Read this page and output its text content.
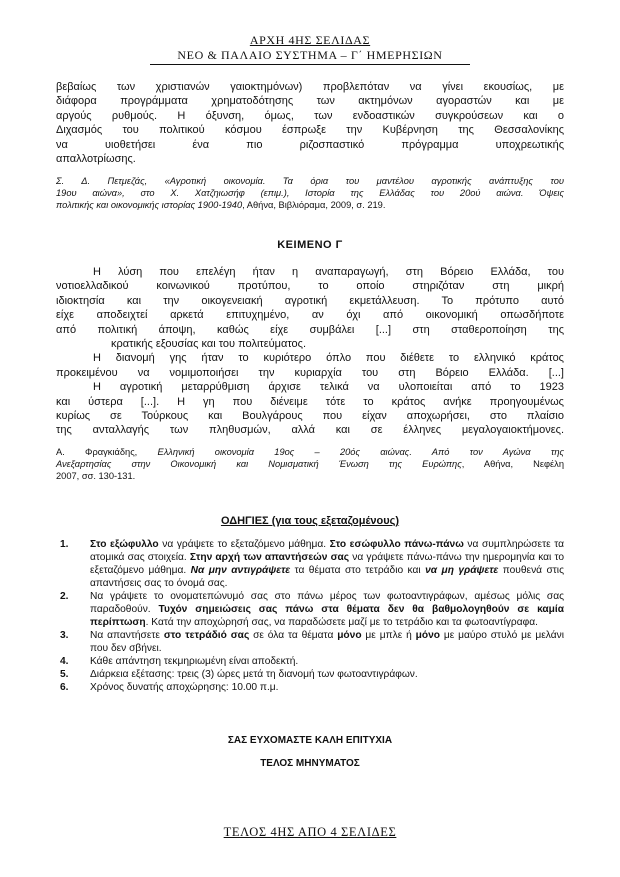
ΑΡΧΗ 4ΗΣ ΣΕΛΙΔΑΣ
ΝΕΟ & ΠΑΛΑΙΟ ΣΥΣΤΗΜΑ – Γ΄ ΗΜΕΡΗΣΙΩΝ
βεβαίως των χριστιανών γαιοκτημόνων) προβλεπόταν να γίνει εκουσίως, με
διάφορα προγράμματα χρηματοδότησης των ακτημόνων αγοραστών και με
αργούς ρυθμούς. Η όξυνση, όμως, των ενδοαστικών συγκρούσεων και ο
Διχασμός του πολιτικού κόσμου έσπρωξε την Κυβέρνηση της Θεσσαλονίκης
να υιοθετήσει ένα πιο ριζοσπαστικό πρόγραμμα υποχρεωτικής
απαλλοτρίωσης.
Σ. Δ. Πετμεζάς, «Αγροτική οικονομία. Τα όρια του μαντέλου αγροτικής ανάπτυξης του
19ου αιώνα», στο Χ. Χατζηιωσήφ (επιμ.), Ιστορία της Ελλάδας του 20ού αιώνα. Όψεις
πολιτικής και οικονομικής ιστορίας 1900-1940, Αθήνα, Βιβλιόραμα, 2009, σ. 219.
ΚΕΙΜΕΝΟ Γ
Η λύση που επελέγη ήταν η αναπαραγωγή, στη Βόρειο Ελλάδα, του
νοτιοελλαδικού κοινωνικού προτύπου, το οποίο στηριζόταν στη μικρή
ιδιοκτησία και την οικογενειακή αγροτική εκμετάλλευση. Το πρότυπο αυτό
είχε αποδειχτεί αρκετά επιτυχημένο, αν όχι από οικονομική οπωσδήποτε
από πολιτική άποψη, καθώς είχε συμβάλει [...] στη σταθεροποίηση της
κρατικής εξουσίας και του πολιτεύματος.
Η διανομή γης ήταν το κυριότερο όπλο που διέθετε το ελληνικό κράτος
προκειμένου να νομιμοποιήσει την κυριαρχία του στη Βόρειο Ελλάδα. [...]
Η αγροτική μεταρρύθμιση άρχισε τελικά να υλοποιείται από το 1923
και ύστερα [...]. Η γη που διένειμε τότε το κράτος ανήκε προηγουμένως
κυρίως σε Τούρκους και Βουλγάρους που είχαν αποχωρήσει, στο πλαίσιο
της ανταλλαγής των πληθυσμών, αλλά και σε έλληνες μεγαλογαιοκτήμονες.
Α. Φραγκιάδης, Ελληνική οικονομία 19ος – 20ός αιώνας. Από τον Αγώνα της
Ανεξαρτησίας στην Οικονομική και Νομισματική Ένωση της Ευρώπης, Αθήνα, Νεφέλη
2007, σσ. 130-131.
ΟΔΗΓΙΕΣ (για τους εξεταζομένους)
1. Στο εξώφυλλο να γράψετε το εξεταζόμενο μάθημα. Στο εσώφυλλο πάνω-πάνω να συμπληρώσετε τα ατομικά σας στοιχεία. Στην αρχή των απαντήσεών σας να γράψετε πάνω-πάνω την ημερομηνία και το εξεταζόμενο μάθημα. Να μην αντιγράψετε τα θέματα στο τετράδιο και να μη γράψετε πουθενά στις απαντήσεις σας το όνομά σας.
2. Να γράψετε το ονοματεπώνυμό σας στο πάνω μέρος των φωτοαντιγράφων, αμέσως μόλις σας παραδοθούν. Τυχόν σημειώσεις σας πάνω στα θέματα δεν θα βαθμολογηθούν σε καμία περίπτωση. Κατά την αποχώρησή σας, να παραδώσετε μαζί με το τετράδιο και τα φωτοαντίγραφα.
3. Να απαντήσετε στο τετράδιό σας σε όλα τα θέματα μόνο με μπλε ή μόνο με μαύρο στυλό με μελάνι που δεν σβήνει.
4. Κάθε απάντηση τεκμηριωμένη είναι αποδεκτή.
5. Διάρκεια εξέτασης: τρεις (3) ώρες μετά τη διανομή των φωτοαντιγράφων.
6. Χρόνος δυνατής αποχώρησης: 10.00 π.μ.
ΣΑΣ ΕΥΧΟΜΑΣΤΕ ΚΑΛΗ ΕΠΙΤΥΧΙΑ
ΤΕΛΟΣ ΜΗΝΥΜΑΤΟΣ
ΤΕΛΟΣ 4ΗΣ ΑΠΟ 4 ΣΕΛΙΔΕΣ
